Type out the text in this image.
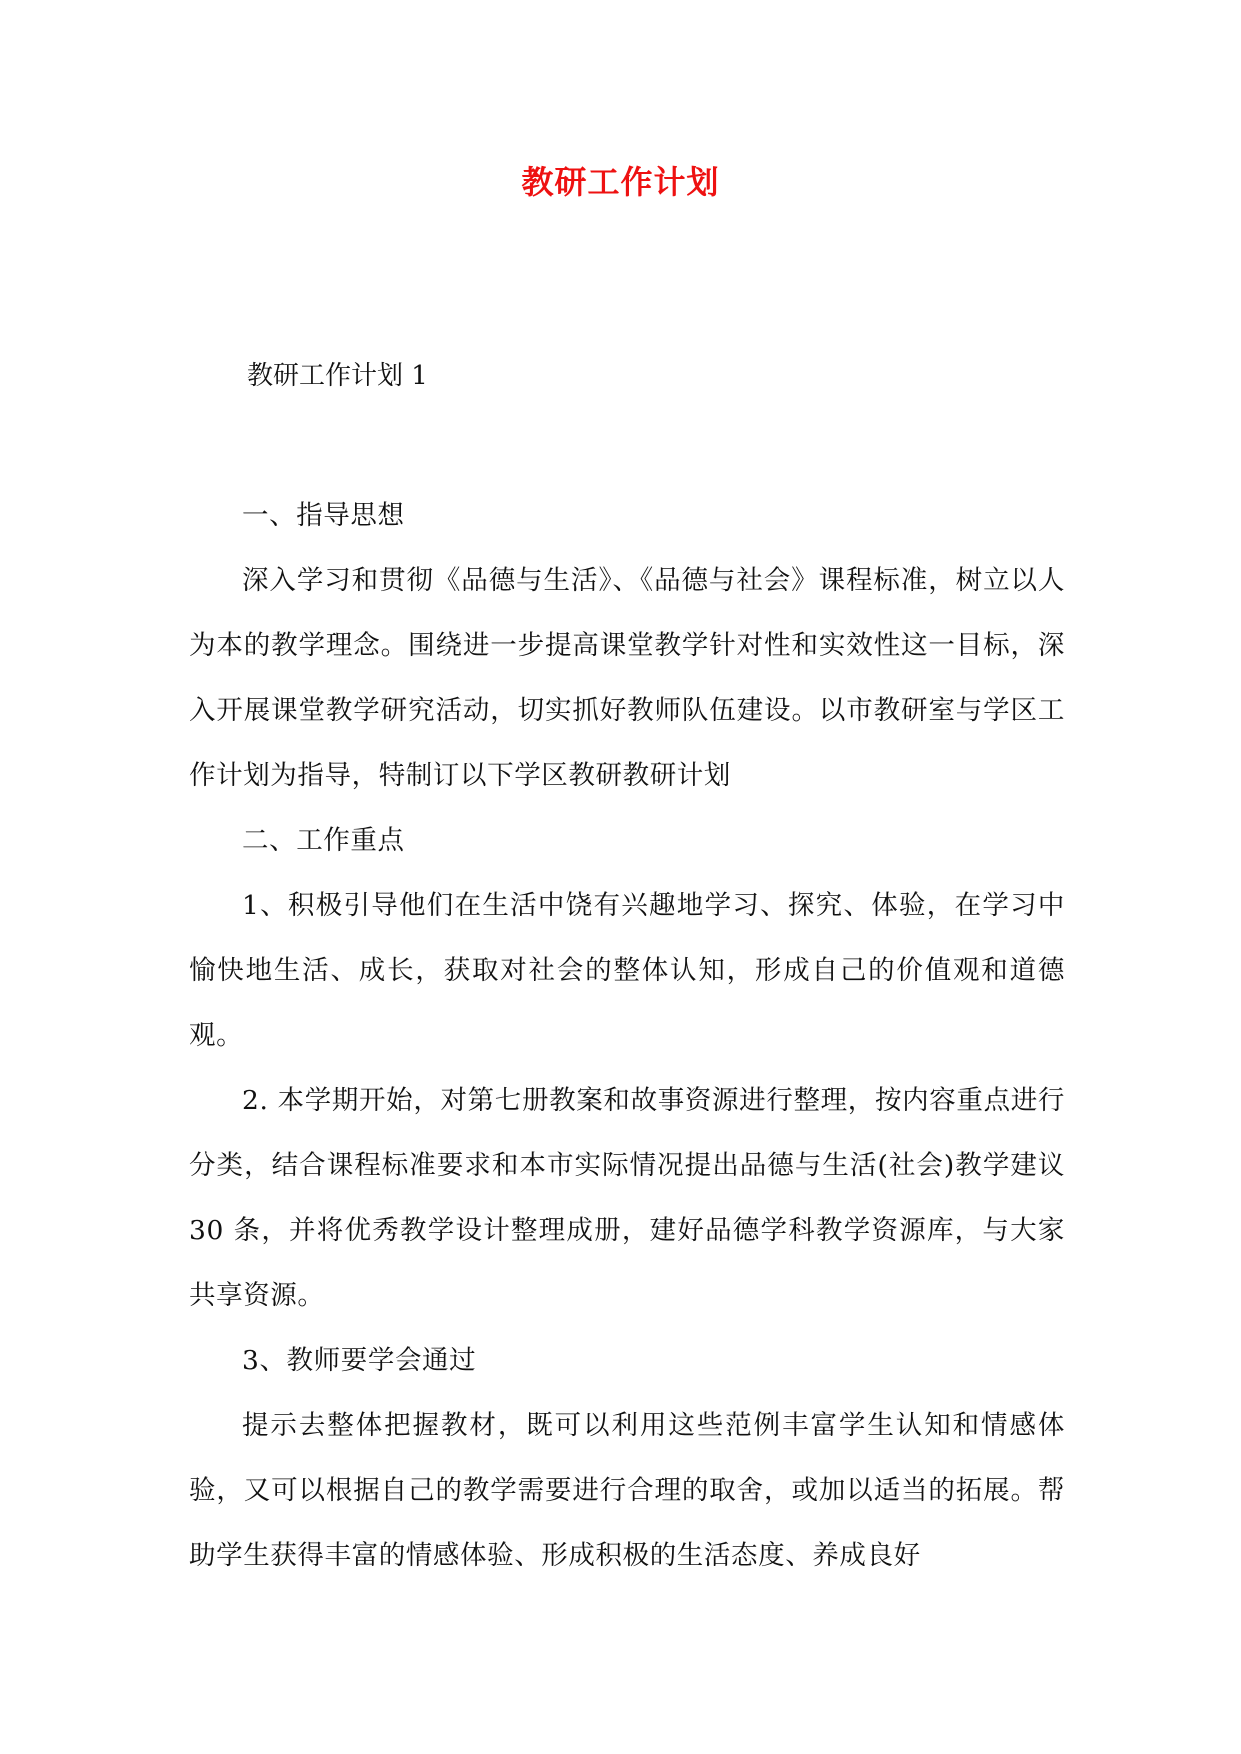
教研工作计划
教研工作计划 1

一、指导思想

深入学习和贯彻《品德与生活》、《品德与社会》课程标准，树立以人为本的教学理念。围绕进一步提高课堂教学针对性和实效性这一目标，深入开展课堂教学研究活动，切实抓好教师队伍建设。以市教研室与学区工作计划为指导，特制订以下学区教研教研计划

二、工作重点

1、积极引导他们在生活中饶有兴趣地学习、探究、体验，在学习中愉快地生活、成长，获取对社会的整体认知，形成自己的价值观和道德观。

2. 本学期开始，对第七册教案和故事资源进行整理，按内容重点进行分类，结合课程标准要求和本市实际情况提出品德与生活(社会)教学建议 30 条，并将优秀教学设计整理成册，建好品德学科教学资源库，与大家共享资源。

3、教师要学会通过

提示去整体把握教材，既可以利用这些范例丰富学生认知和情感体验，又可以根据自己的教学需要进行合理的取舍，或加以适当的拓展。帮助学生获得丰富的情感体验、形成积极的生活态度、养成良好
